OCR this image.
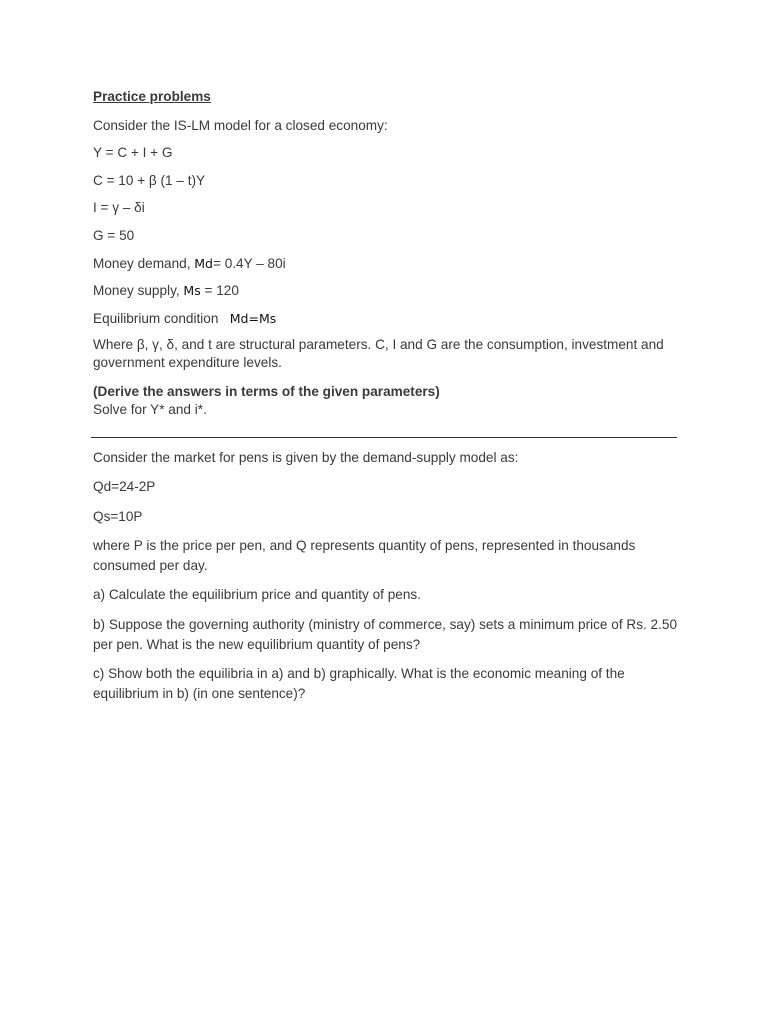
Practice problems
Consider the IS-LM model for a closed economy:
Y = C + I + G
C = 10 + β (1 – t)Y
I = γ – δi
G = 50
Money demand, Md= 0.4Y – 80i
Money supply, Ms = 120
Equilibrium condition   Md=Ms
Where β, γ, δ, and t are structural parameters. C, I and G are the consumption, investment and government expenditure levels.
(Derive the answers in terms of the given parameters)
Solve for Y* and i*.
Consider the market for pens is given by the demand-supply model as:
Qd=24-2P
Qs=10P
where P is the price per pen, and Q represents quantity of pens, represented in thousands consumed per day.
a) Calculate the equilibrium price and quantity of pens.
b) Suppose the governing authority (ministry of commerce, say) sets a minimum price of Rs. 2.50 per pen. What is the new equilibrium quantity of pens?
c) Show both the equilibria in a) and b) graphically. What is the economic meaning of the equilibrium in b) (in one sentence)?
